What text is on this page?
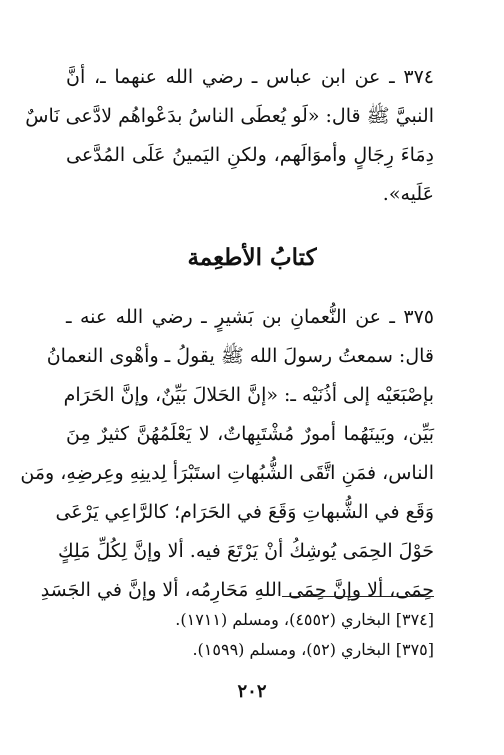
٣٧٤ ـ عن ابن عباس ـ رضي الله عنهما ـ، أنَّ
النبيَّ ﷺ قال: «لَو يُعطَى الناسُ بدَعْواهُم لادَّعى نَاسٌ
دِمَاءَ رِجَالٍ وأموَالَهم، ولكنِ اليَمينُ عَلَى المُدَّعى
عَلَيه».
كتابُ الأطعِمة
٣٧٥ ـ عن النُّعمانِ بن بَشيرٍ ـ رضي الله عنه ـ
قال: سمعتُ رسولَ الله ﷺ يقولُ ـ وأهْوى النعمانُ
بإصْبَعَيْه إلى أذُنَيْه ـ: «إنَّ الحَلالَ بَيِّنٌ، وإنَّ الحَرَام
بَيِّن، وبَينَهُما أمورٌ مُشْتَبِهاتٌ، لا يَعْلَمُهُنَّ كثيرٌ مِنَ
الناس، فمَنِ اتَّقَى الشُّبُهاتِ استَبْرَأ لِدينِهِ وعِرضِهِ، ومَن
وَقَع في الشُّبهاتِ وَقَعَ في الحَرَام؛ كالرَّاعِي يَرْعَى
حَوْلَ الحِمَى يُوشِكُ أنْ يَرْتَعَ فيه. ألا وإنَّ لِكُلِّ مَلِكٍ
حِمَى، ألا وإنَّ حِمَى اللهِ مَحَارِمُه، ألا وإنَّ في الجَسَدِ
[٣٧٤] البخاري (٤٥٥٢)، ومسلم (١٧١١).
[٣٧٥] البخاري (٥٢)، ومسلم (١٥٩٩).
٢٠٢
